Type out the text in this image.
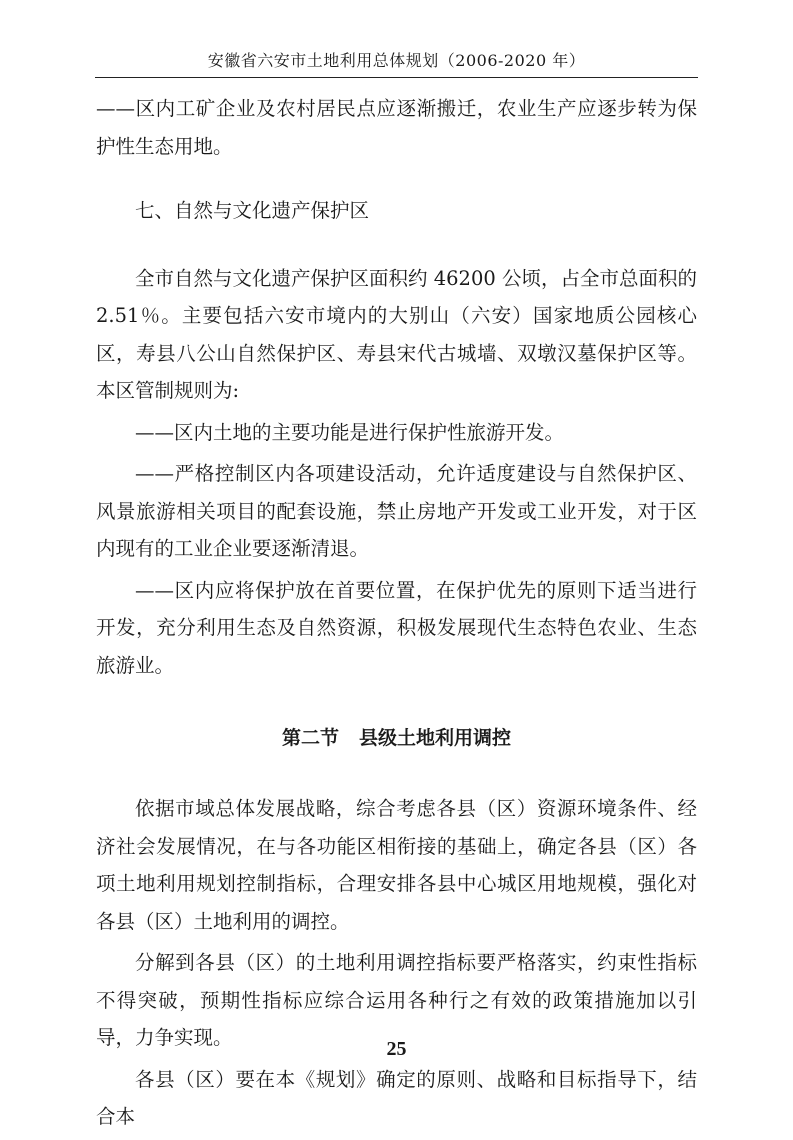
安徽省六安市土地利用总体规划（2006-2020 年）

——区内工矿企业及农村居民点应逐渐搬迁，农业生产应逐步转为保护性生态用地。

七、自然与文化遗产保护区

全市自然与文化遗产保护区面积约 46200 公顷，占全市总面积的 2.51％。主要包括六安市境内的大别山（六安）国家地质公园核心区，寿县八公山自然保护区、寿县宋代古城墙、双墩汉墓保护区等。本区管制规则为:

——区内土地的主要功能是进行保护性旅游开发。

——严格控制区内各项建设活动，允许适度建设与自然保护区、风景旅游相关项目的配套设施，禁止房地产开发或工业开发，对于区内现有的工业企业要逐渐清退。

——区内应将保护放在首要位置，在保护优先的原则下适当进行开发，充分利用生态及自然资源，积极发展现代生态特色农业、生态旅游业。

第二节 县级土地利用调控

依据市域总体发展战略，综合考虑各县（区）资源环境条件、经济社会发展情况，在与各功能区相衔接的基础上，确定各县（区）各项土地利用规划控制指标，合理安排各县中心城区用地规模，强化对各县（区）土地利用的调控。

分解到各县（区）的土地利用调控指标要严格落实，约束性指标不得突破，预期性指标应综合运用各种行之有效的政策措施加以引导，力争实现。

各县（区）要在本《规划》确定的原则、战略和目标指导下，结合本

25
